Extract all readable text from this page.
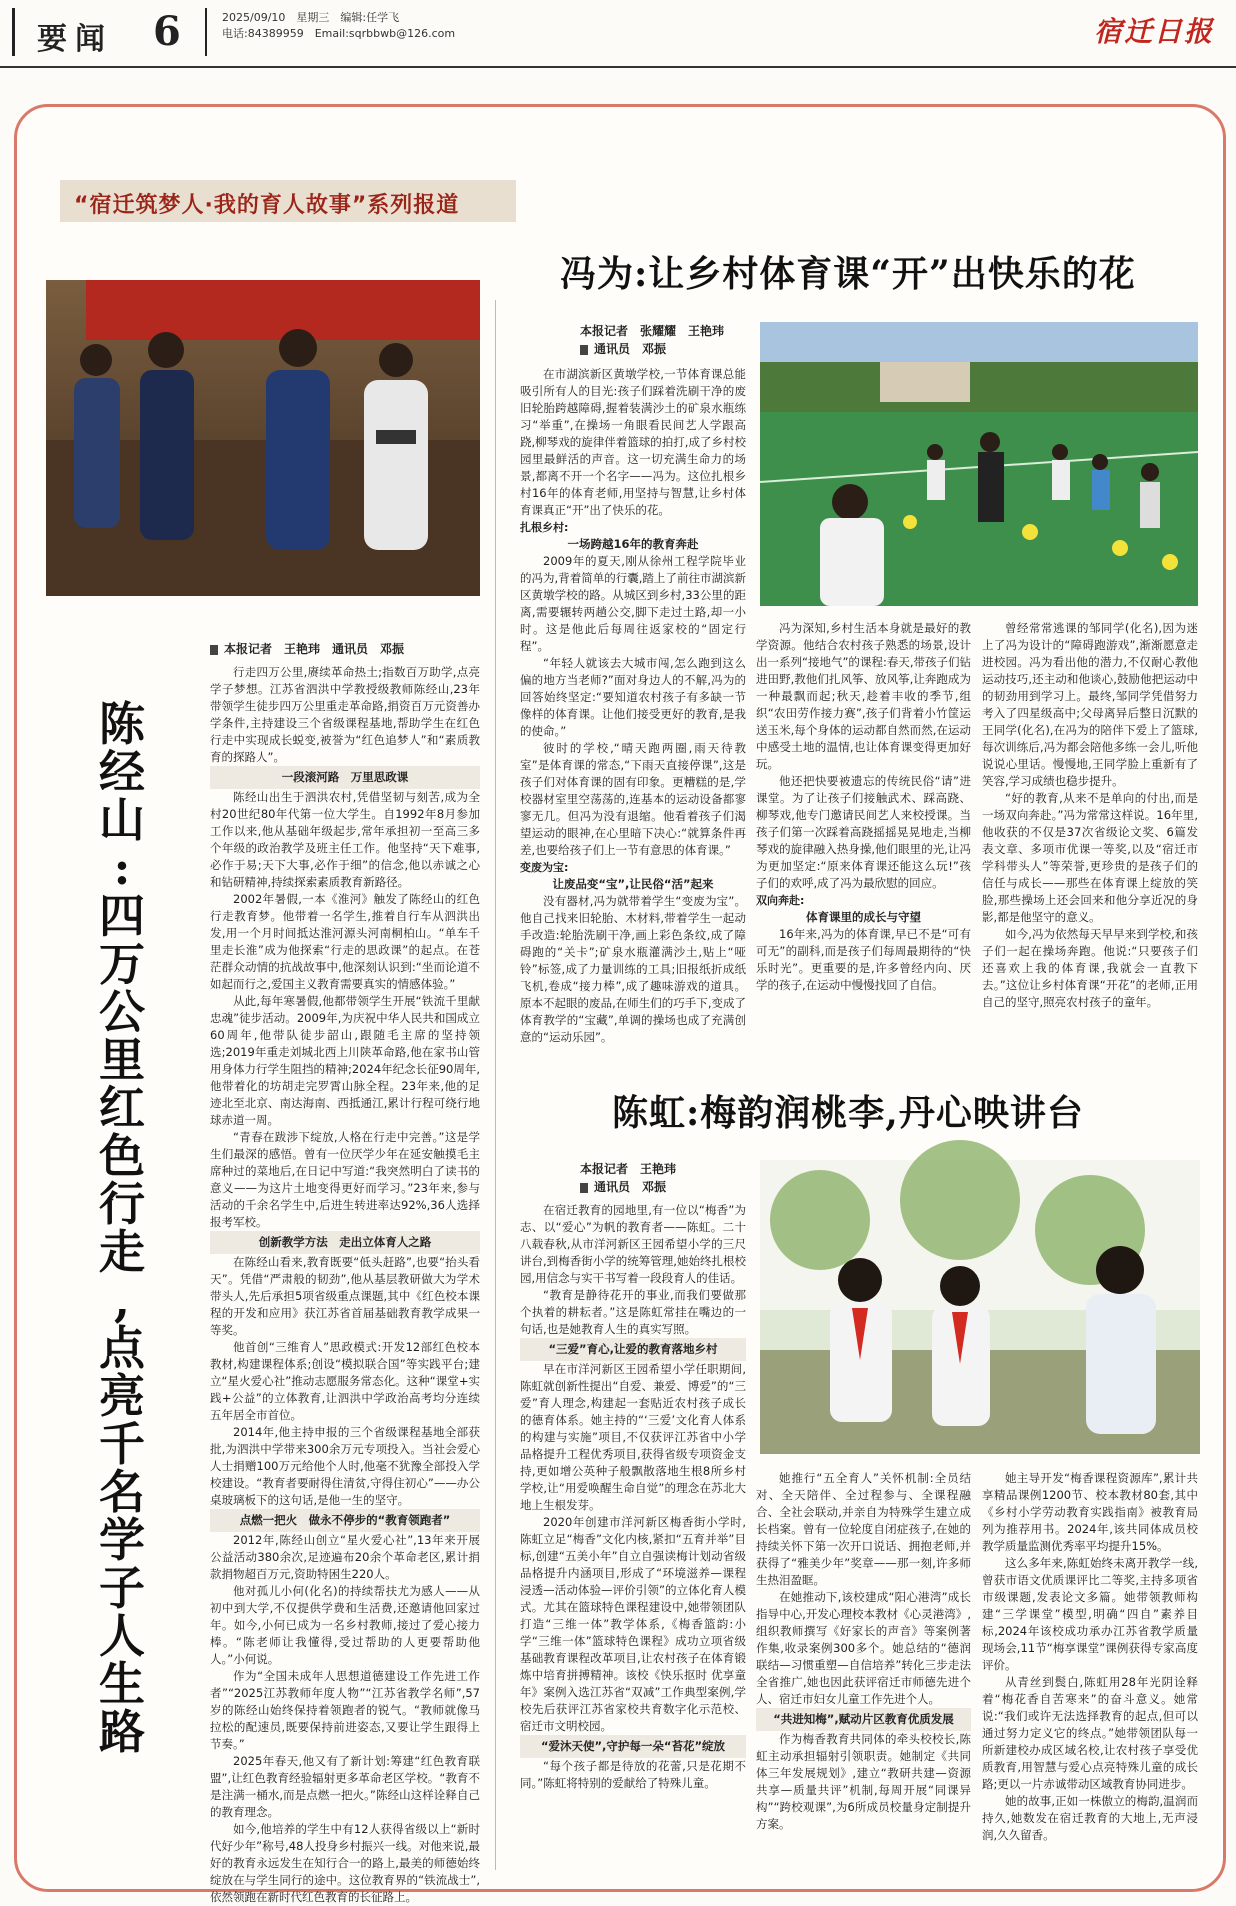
要闻 6	2025/09/10　星期三　编辑:任学飞
电话:84389959　Email:sqrbbwb@126.com	宿迁日报
“宿迁筑梦人·我的育人故事”系列报道
冯为:让乡村体育课“开”出快乐的花
陈
经
山
:
四
万
公
里
红
色
行
走
,
点
亮
千
名
学
子
人
生
路
本报记者　王艳玮　通讯员　邓振

行走四万公里,赓续革命热土;指数百万助学,点亮学子梦想。江苏省泗洪中学教授级教师陈经山,23年带领学生徒步四万公里重走革命路,捐资百万元资善办学条件,主持建设三个省级课程基地,帮助学生在红色行走中实现成长蜕变,被誉为“红色追梦人”和“素质教育的探路人”。

一段滚河路　万里思政课

陈经山出生于泗洪农村,凭借坚韧与刻苦,成为全村20世纪80年代第一位大学生。自1992年8月参加工作以来,他从基础年级起步,常年承担初一至高三多个年级的政治教学及班主任工作。他坚持“天下难事,必作于易;天下大事,必作于细”的信念,他以赤诚之心和钻研精神,持续探索素质教育新路径。

2002年暑假,一本《淮河》触发了陈经山的红色行走教育梦。他带着一名学生,推着自行车从泗洪出发,用一个月时间抵达淮河源头河南桐柏山。“单车千里走长淮”成为他探索“行走的思政课”的起点。在苍茫群众动情的抗战故事中,他深刻认识到:“坐而论道不如起而行之,爱国主义教育需要真实的情感体验。”

从此,每年寒暑假,他都带领学生开展“铁流千里献忠魂”徒步活动。2009年,为庆祝中华人民共和国成立60周年,他带队徒步韶山,跟随毛主席的坚持领选;2019年重走刘城北西上川陕革命路,他在家书山管用身体力行学生阻挡的精神;2024年纪念长征90周年,他带着化的坊胡走完罗霄山脉全程。23年来,他的足迹北至北京、南达海南、西抵通江,累计行程可绕行地球赤道一周。

“青春在跋涉下绽放,人格在行走中完善。”这是学生们最深的感悟。曾有一位厌学少年在延安触摸毛主席种过的菜地后,在日记中写道:“我突然明白了读书的意义——为这片土地变得更好而学习。”23年来,参与活动的千余名学生中,后进生转进率达92%,36人选择报考军校。

创新教学方法　走出立体育人之路

在陈经山看来,教育既要“低头赶路”,也要“抬头看天”。凭借“严肃般的韧劲”,他从基层教研做大为学术带头人,先后承担5项省级重点课题,其中《红色校本课程的开发和应用》获江苏省首届基础教育教学成果一等奖。

他首创“三维育人”思政模式:开发12部红色校本教材,构建课程体系;创设“模拟联合国”等实践平台;建立“星火爱心社”推动志愿服务常态化。这种“课堂+实践+公益”的立体教育,让泗洪中学政治高考均分连续五年居全市首位。

2014年,他主持申报的三个省级课程基地全部获批,为泗洪中学带来300余万元专项投入。当社会爱心人士捐赠100万元给他个人时,他毫不犹豫全部投入学校建设。“教育者要耐得住清贫,守得住初心”——办公桌玻璃板下的这句话,是他一生的坚守。

点燃一把火　做永不停步的“教育领跑者”

2012年,陈经山创立“星火爱心社”,13年来开展公益活动380余次,足迹遍布20余个革命老区,累计捐款捐物超百万元,资助特困生220人。

他对孤儿小何(化名)的持续帮扶尤为感人——从初中到大学,不仅提供学费和生活费,还邀请他回家过年。如今,小何已成为一名乡村教师,接过了爱心接力棒。“陈老师让我懂得,受过帮助的人更要帮助他人。”小何说。

作为“全国未成年人思想道德建设工作先进工作者”“2025江苏教师年度人物”“江苏省教学名师”,57岁的陈经山始终保持着领跑者的锐气。“教师就像马拉松的配速员,既要保持前进姿态,又要让学生跟得上节奏。”

2025年春天,他又有了新计划:筹建“红色教育联盟”,让红色教育经验辐射更多革命老区学校。“教育不是注满一桶水,而是点燃一把火。”陈经山这样诠释自己的教育理念。

如今,他培养的学生中有12人获得省级以上“新时代好少年”称号,48人投身乡村振兴一线。对他来说,最好的教育永远发生在知行合一的路上,最美的师德始终绽放在与学生同行的途中。这位教育界的“铁流战士”,依然领跑在新时代红色教育的长征路上。

本报记者　张耀耀　王艳玮
通讯员　邓振

在市湖滨新区黄墩学校,一节体育课总能吸引所有人的目光:孩子们踩着洗刷干净的废旧轮胎跨越障碍,握着装满沙土的矿泉水瓶练习“举重”,在操场一角眼看民间艺人学跟高跷,柳琴戏的旋律伴着篮球的拍打,成了乡村校园里最鲜活的声音。这一切充满生命力的场景,都离不开一个名字——冯为。这位扎根乡村16年的体育老师,用坚持与智慧,让乡村体育课真正“开”出了快乐的花。

扎根乡村:

一场跨越16年的教育奔赴

2009年的夏天,刚从徐州工程学院毕业的冯为,背着简单的行囊,踏上了前往市湖滨新区黄墩学校的路。从城区到乡村,33公里的距离,需要辗转两趟公交,脚下走过土路,却一小时。这是他此后每周往返家校的“固定行程”。

“年轻人就该去大城市闯,怎么跑到这么偏的地方当老师?”面对身边人的不解,冯为的回答始终坚定:“要知道农村孩子有多缺一节像样的体育课。让他们接受更好的教育,是我的使命。”

彼时的学校,“晴天跑两圈,雨天待教室”是体育课的常态,“下雨天直接停课”,这是孩子们对体育课的固有印象。更糟糕的是,学校器材室里空荡荡的,连基本的运动设备都寥寥无几。但冯为没有退缩。他看着孩子们渴望运动的眼神,在心里暗下决心:“就算条件再差,也要给孩子们上一节有意思的体育课。”

变废为宝:

让废品变“宝”,让民俗“活”起来

没有器材,冯为就带着学生“变废为宝”。他自己找来旧轮胎、木材料,带着学生一起动手改造:轮胎洗刷干净,画上彩色条纹,成了障碍跑的“关卡”;矿泉水瓶灌满沙土,贴上“哑铃”标签,成了力量训练的工具;旧报纸折成纸飞机,卷成“接力棒”,成了趣味游戏的道具。原本不起眼的废品,在师生们的巧手下,变成了体育教学的“宝藏”,单调的操场也成了充满创意的“运动乐园”。

冯为深知,乡村生活本身就是最好的教学资源。他结合农村孩子熟悉的场景,设计出一系列“接地气”的课程:春天,带孩子们钻进田野,教他们扎风筝、放风筝,让奔跑成为一种最飘而起;秋天,趁着丰收的季节,组织“农田劳作接力赛”,孩子们背着小竹筐运送玉米,每个身体的运动都自然而然,在运动中感受土地的温情,也让体育课变得更加好玩。

他还把快要被遗忘的传统民俗“请”进课堂。为了让孩子们接触武术、踩高跷、柳琴戏,他专门邀请民间艺人来校授课。当孩子们第一次踩着高跷摇摇晃晃地走,当柳琴戏的旋律融入热身操,他们眼里的光,让冯为更加坚定:“原来体育课还能这么玩!”孩子们的欢呼,成了冯为最欣慰的回应。

双向奔赴:

体育课里的成长与守望

16年来,冯为的体育课,早已不是“可有可无”的副科,而是孩子们每周最期待的“快乐时光”。更重要的是,许多曾经内向、厌学的孩子,在运动中慢慢找回了自信。

曾经常常逃课的邹同学(化名),因为迷上了冯为设计的“障碍跑游戏”,渐渐愿意走进校园。冯为看出他的潜力,不仅耐心教他运动技巧,还主动和他谈心,鼓励他把运动中的韧劲用到学习上。最终,邹同学凭借努力考入了四星级高中;父母离异后整日沉默的王同学(化名),在冯为的陪伴下爱上了篮球,每次训练后,冯为都会陪他多练一会儿,听他说说心里话。慢慢地,王同学脸上重新有了笑容,学习成绩也稳步提升。

“好的教育,从来不是单向的付出,而是一场双向奔赴。”冯为常常这样说。16年里,他收获的不仅是37次省级论文奖、6篇发表文章、多项市优课一等奖,以及“宿迁市学科带头人”等荣誉,更珍贵的是孩子们的信任与成长——那些在体育课上绽放的笑脸,那些操场上还会回来和他分享近况的身影,都是他坚守的意义。

如今,冯为依然每天早早来到学校,和孩子们一起在操场奔跑。他说:“只要孩子们还喜欢上我的体育课,我就会一直教下去。”这位让乡村体育课“开花”的老师,正用自己的坚守,照亮农村孩子的童年。

陈虹:梅韵润桃李,丹心映讲台
本报记者　王艳玮
通讯员　邓振

在宿迁教育的园地里,有一位以“梅香”为志、以“爱心”为帆的教育者——陈虹。二十八载春秋,从市洋河新区王园希望小学的三尺讲台,到梅香街小学的统筹管理,她始终扎根校园,用信念与实干书写着一段段育人的佳话。

“教育是静待花开的事业,而我们要做那个执着的耕耘者。”这是陈虹常挂在嘴边的一句话,也是她教育人生的真实写照。

“三爱”育心,让爱的教育落地乡村

早在市洋河新区王园希望小学任职期间,陈虹就创新性提出“自爱、兼爱、博爱”的“三爱”育人理念,构建起一套贴近农村孩子成长的德育体系。她主持的“‘三爱’文化育人体系的构建与实施”项目,不仅获评江苏省中小学品格提升工程优秀项目,获得省级专项资金支持,更如增公英种子般飘散落地生根8所乡村学校,让“用爱唤醒生命自觉”的理念在苏北大地上生根发芽。

2020年创建市洋河新区梅香街小学时,陈虹立足“梅香”文化内核,紧扣“五育并举”目标,创建“五美小年”自立自强读梅计划动省级品格提升内涵项目,形成了“环境滋养—课程浸透—活动体验—评价引领”的立体化育人模式。尤其在篮球特色课程建设中,她带领团队打造“三维一体”教学体系,《梅香篮韵:小学“三维一体”篮球特色课程》成功立项省级基础教育课程改革项目,让农村孩子在体育锻炼中培育拼搏精神。该校《快乐抠时 优享童年》案例入选江苏省“双减”工作典型案例,学校先后获评江苏省家校共育数字化示范校、宿迁市文明校园。

“爱沐天使”,守护每一朵“苔花”绽放

“每个孩子都是待放的花蕾,只是花期不同。”陈虹将特别的爱献给了特殊儿童。

她推行“五全育人”关怀机制:全员结对、全天陪伴、全过程参与、全课程融合、全社会联动,并亲自为特殊学生建立成长档案。曾有一位轮度自闭症孩子,在她的持续关怀下第一次开口说话、拥抱老师,并获得了“雅美少年”奖章——那一刻,许多师生热泪盈眶。

在她推动下,该校建成“阳心港湾”成长指导中心,开发心理校本教材《心灵港湾》,组织教师撰写《好家长的声音》等案例著作集,收录案例300多个。她总结的“德润联结—习惯重塑—自信培养”转化三步走法全省推广,她也因此获评宿迁市师德先进个人、宿迁市妇女儿童工作先进个人。

“共进知梅”,赋动片区教育优质发展

作为梅香教育共同体的牵头校校长,陈虹主动承担辐射引领职责。她制定《共同体三年发展规划》,建立“教研共建—资源共享—质量共评”机制,每周开展“同课异构”“跨校观课”,为6所成员校量身定制提升方案。

她主导开发“梅香课程资源库”,累计共享精品课例1200节、校本教材80套,其中《乡村小学劳动教育实践指南》被教育局列为推荐用书。2024年,该共同体成员校教学质量监测优秀率平均提升15%。

这么多年来,陈虹始终未离开教学一线,曾获市语文优质课评比二等奖,主持多项省市级课题,发表论文多篇。她带领教师构建“三学课堂”模型,明确“四自”素养目标,2024年该校成功承办江苏省教学质量现场会,11节“梅享课堂”课例获得专家高度评价。

从青丝到鬓白,陈虹用28年光阴诠释着“梅花香自苦寒来”的奋斗意义。她常说:“我们或许无法选择教育的起点,但可以通过努力定义它的终点。”她带领团队每一所新建校办成区域名校,让农村孩子享受优质教育,用智慧与爱心点亮特殊儿童的成长路;更以一片赤诚带动区域教育协同进步。

她的故事,正如一株傲立的梅韵,温润而持久,她数发在宿迁教育的大地上,无声浸润,久久留香。
